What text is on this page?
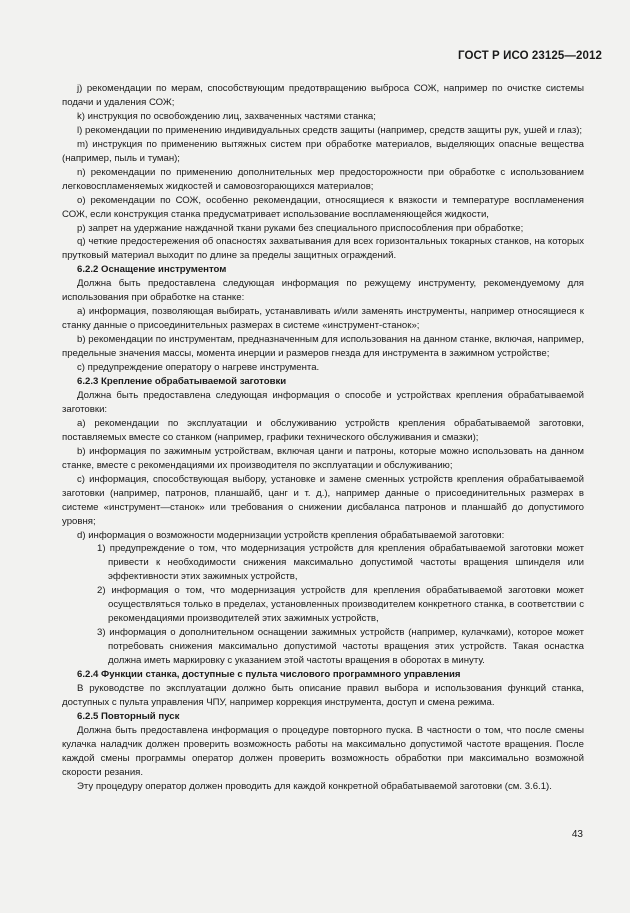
ГОСТ Р ИСО 23125—2012

j) рекомендации по мерам, способствующим предотвращению выброса СОЖ, например по очистке системы подачи и удаления СОЖ;

k) инструкция по освобождению лиц, захваченных частями станка;

l) рекомендации по применению индивидуальных средств защиты (например, средств защиты рук, ушей и глаз);

m) инструкция по применению вытяжных систем при обработке материалов, выделяющих опасные вещества (например, пыль и туман);

n) рекомендации по применению дополнительных мер предосторожности при обработке с использованием легковоспламеняемых жидкостей и самовозгорающихся материалов;

o) рекомендации по СОЖ, особенно рекомендации, относящиеся к вязкости и температуре воспламенения СОЖ, если конструкция станка предусматривает использование воспламеняющейся жидкости,

p) запрет на удержание наждачной ткани руками без специального приспособления при обработке;

q) четкие предостережения об опасностях захватывания для всех горизонтальных токарных станков, на которых прутковый материал выходит по длине за пределы защитных ограждений.

6.2.2 Оснащение инструментом

Должна быть предоставлена следующая информация по режущему инструменту, рекомендуемому для использования при обработке на станке:

a) информация, позволяющая выбирать, устанавливать и/или заменять инструменты, например относящиеся к станку данные о присоединительных размерах в системе «инструмент-станок»;

b) рекомендации по инструментам, предназначенным для использования на данном станке, включая, например, предельные значения массы, момента инерции и размеров гнезда для инструмента в зажимном устройстве;

c) предупреждение оператору о нагреве инструмента.

6.2.3 Крепление обрабатываемой заготовки

Должна быть предоставлена следующая информация о способе и устройствах крепления обрабатываемой заготовки:

a) рекомендации по эксплуатации и обслуживанию устройств крепления обрабатываемой заготовки, поставляемых вместе со станком (например, графики технического обслуживания и смазки);

b) информация по зажимным устройствам, включая цанги и патроны, которые можно использовать на данном станке, вместе с рекомендациями их производителя по эксплуатации и обслуживанию;

c) информация, способствующая выбору, установке и замене сменных устройств крепления обрабатываемой заготовки (например, патронов, планшайб, цанг и т. д.), например данные о присоединительных размерах в системе «инструмент—станок» или требования о снижении дисбаланса патронов и планшайб до допустимого уровня;

d) информация о возможности модернизации устройств крепления обрабатываемой заготовки:

1) предупреждение о том, что модернизация устройств для крепления обрабатываемой заготовки может привести к необходимости снижения максимально допустимой частоты вращения шпинделя или эффективности этих зажимных устройств,

2) информация о том, что модернизация устройств для крепления обрабатываемой заготовки может осуществляться только в пределах, установленных производителем конкретного станка, в соответствии с рекомендациями производителей этих зажимных устройств,

3) информация о дополнительном оснащении зажимных устройств (например, кулачками), которое может потребовать снижения максимально допустимой частоты вращения этих устройств. Такая оснастка должна иметь маркировку с указанием этой частоты вращения в оборотах в минуту.

6.2.4 Функции станка, доступные с пульта числового программного управления

В руководстве по эксплуатации должно быть описание правил выбора и использования функций станка, доступных с пульта управления ЧПУ, например коррекция инструмента, доступ и смена режима.

6.2.5 Повторный пуск

Должна быть предоставлена информация о процедуре повторного пуска. В частности о том, что после смены кулачка наладчик должен проверить возможность работы на максимально допустимой частоте вращения. После каждой смены программы оператор должен проверить возможность обработки при максимально возможной скорости резания.

Эту процедуру оператор должен проводить для каждой конкретной обрабатываемой заготовки (см. 3.6.1).

43
